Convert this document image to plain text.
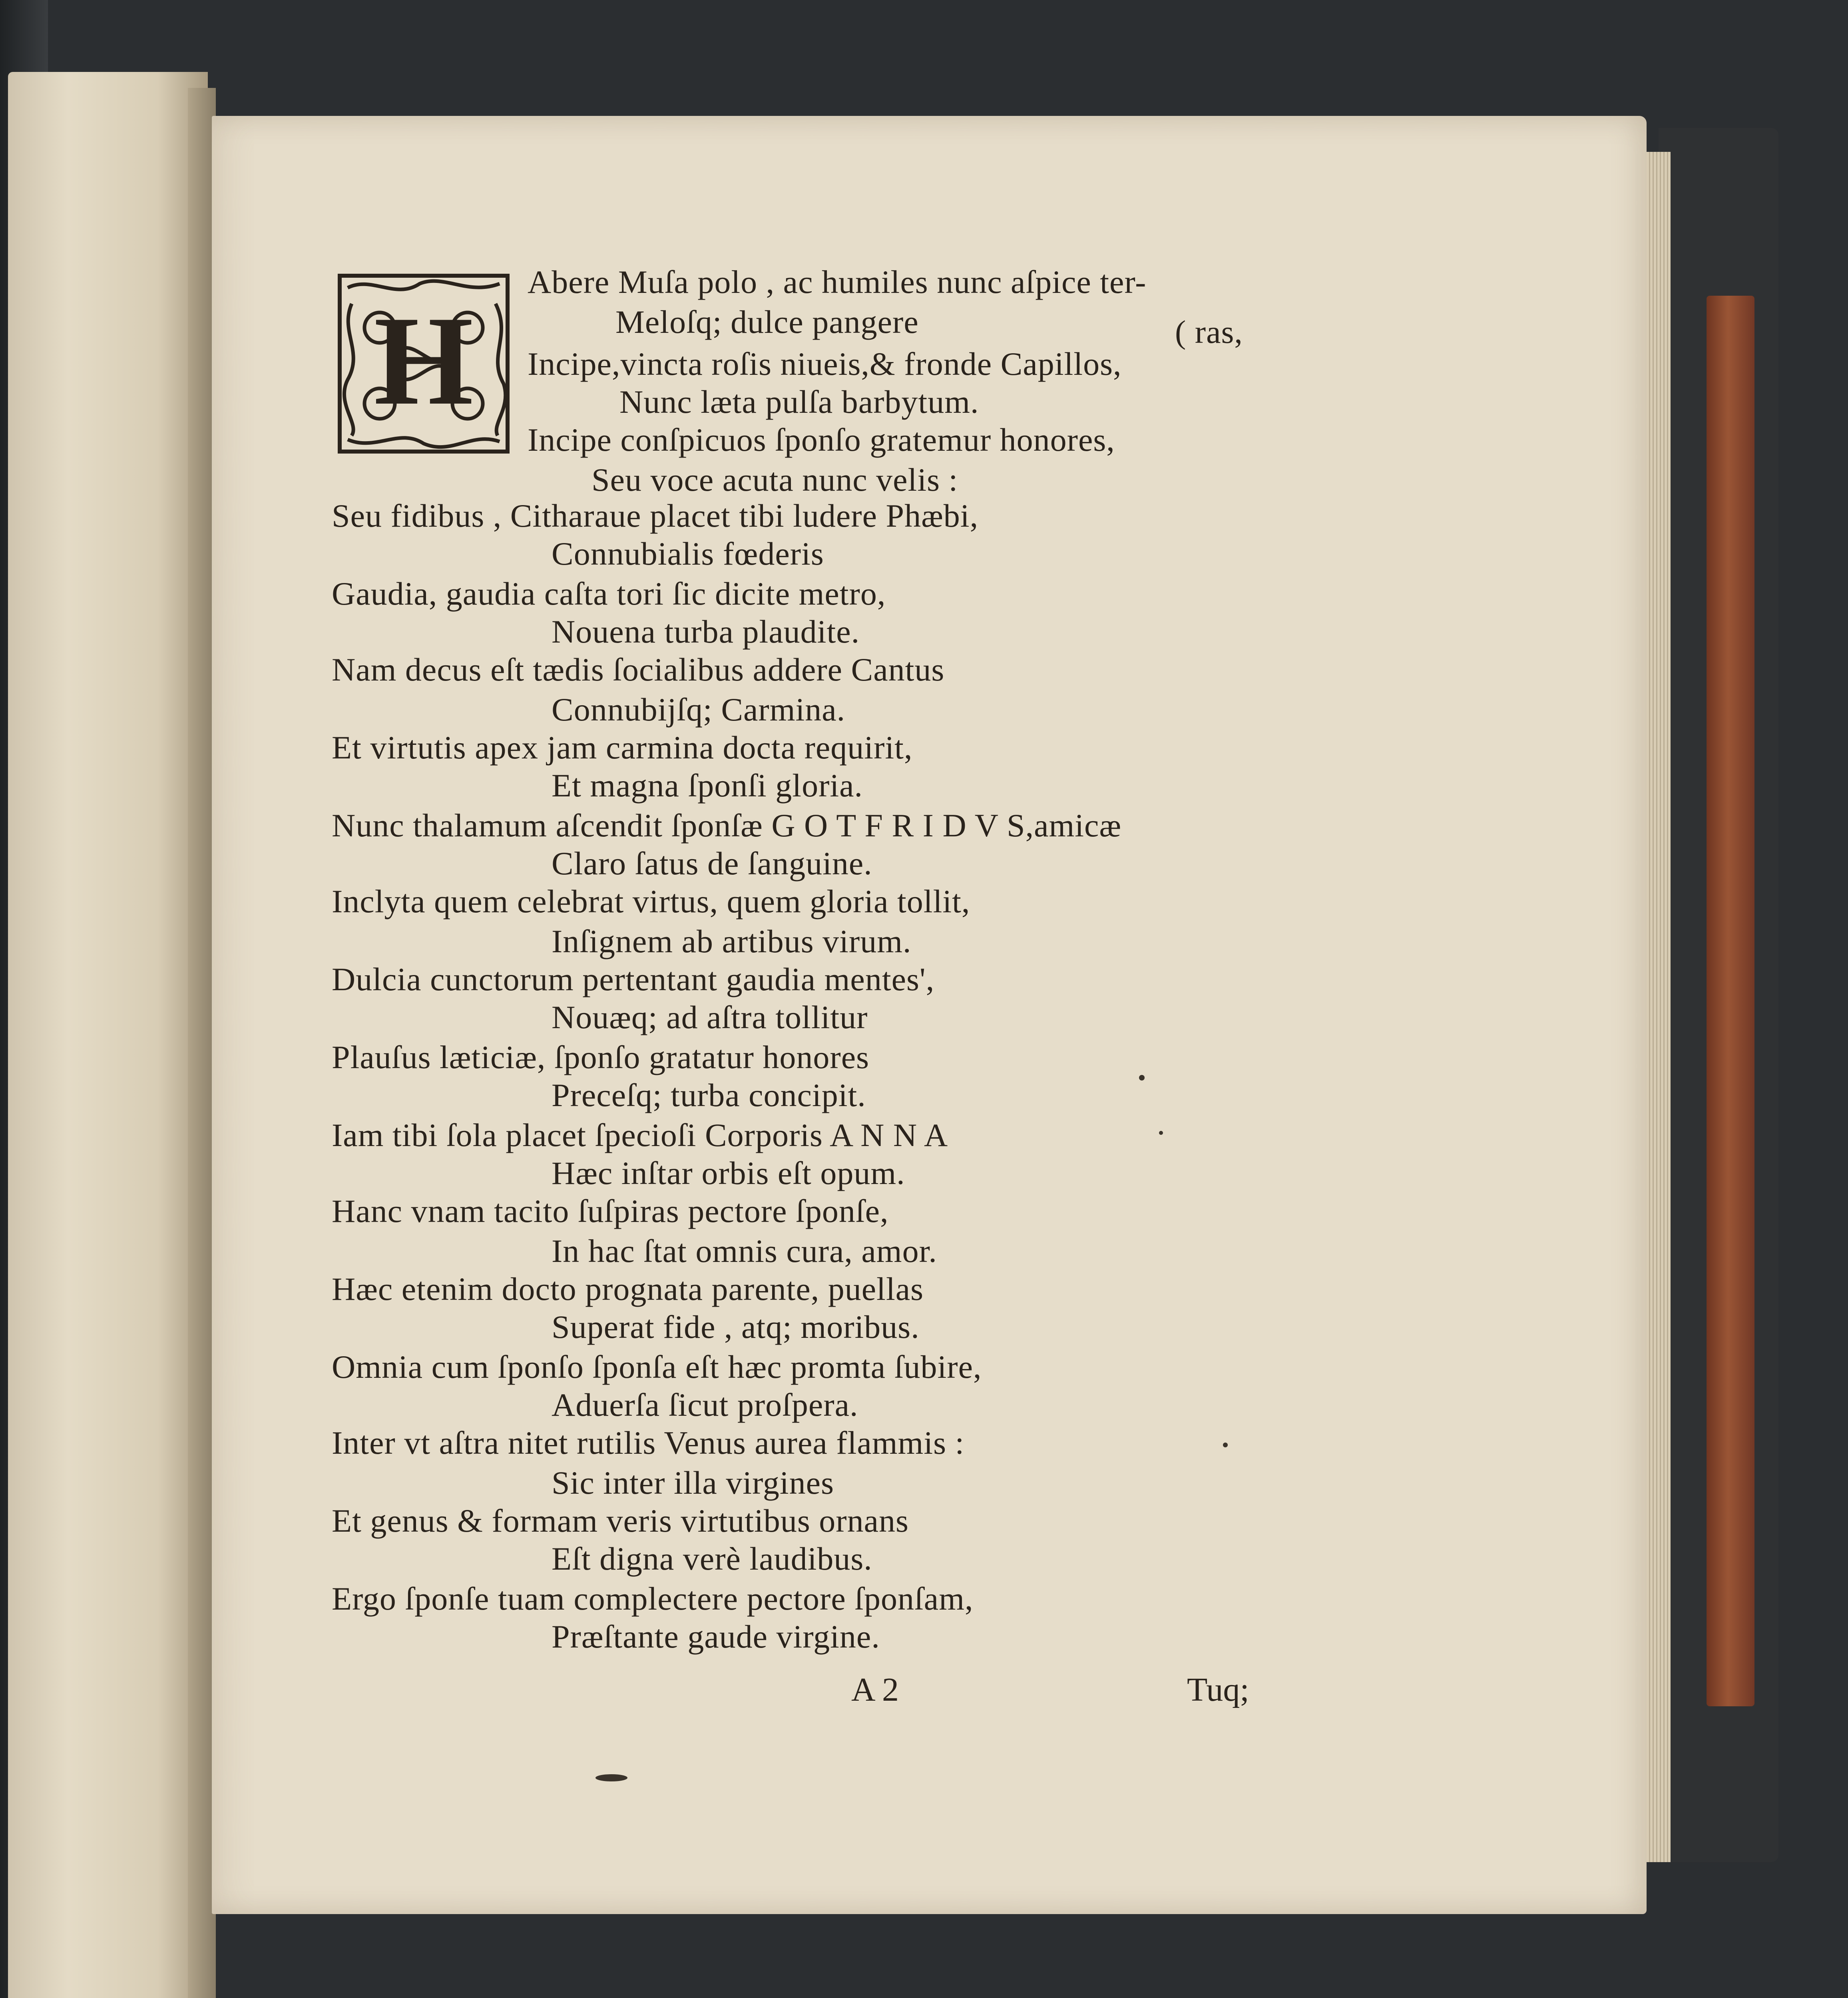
H
Abere Muſa polo , ac humiles nunc aſpice ter-
Meloſq; dulce pangere	( ras,
Incipe,vincta roſis niueis,& fronde Capillos,
Nunc læta pulſa barbytum.
Incipe conſpicuos ſponſo gratemur honores,
Seu voce acuta nunc velis :
Seu fidibus , Citharaue placet tibi ludere Phæbi,
Connubialis fœderis
Gaudia, gaudia caſta tori ſic dicite metro,
Nouena turba plaudite.
Nam decus eſt tædis ſocialibus addere Cantus
Connubijſq; Carmina.
Et virtutis apex jam carmina docta requirit,
Et magna ſponſi gloria.
Nunc thalamum aſcendit ſponſæ G O T F R I D V S,amicæ
Claro ſatus de ſanguine.
Inclyta quem celebrat virtus, quem gloria tollit,
Inſignem ab artibus virum.
Dulcia cunctorum pertentant gaudia mentes',
Nouæq; ad aſtra tollitur
Plauſus læticiæ, ſponſo gratatur honores
Preceſq; turba concipit.
Iam tibi ſola placet ſpecioſi Corporis A N N A
Hæc inſtar orbis eſt opum.
Hanc vnam tacito ſuſpiras pectore ſponſe,
In hac ſtat omnis cura, amor.
Hæc etenim docto prognata parente, puellas
Superat fide , atq; moribus.
Omnia cum ſponſo ſponſa eſt hæc promta ſubire,
Aduerſa ſicut proſpera.
Inter vt aſtra nitet rutilis Venus aurea flammis :
Sic inter illa virgines
Et genus & formam veris virtutibus ornans
Eſt digna verè laudibus.
Ergo ſponſe tuam complectere pectore ſponſam,
Præſtante gaude virgine.
A 2	Tuq;
